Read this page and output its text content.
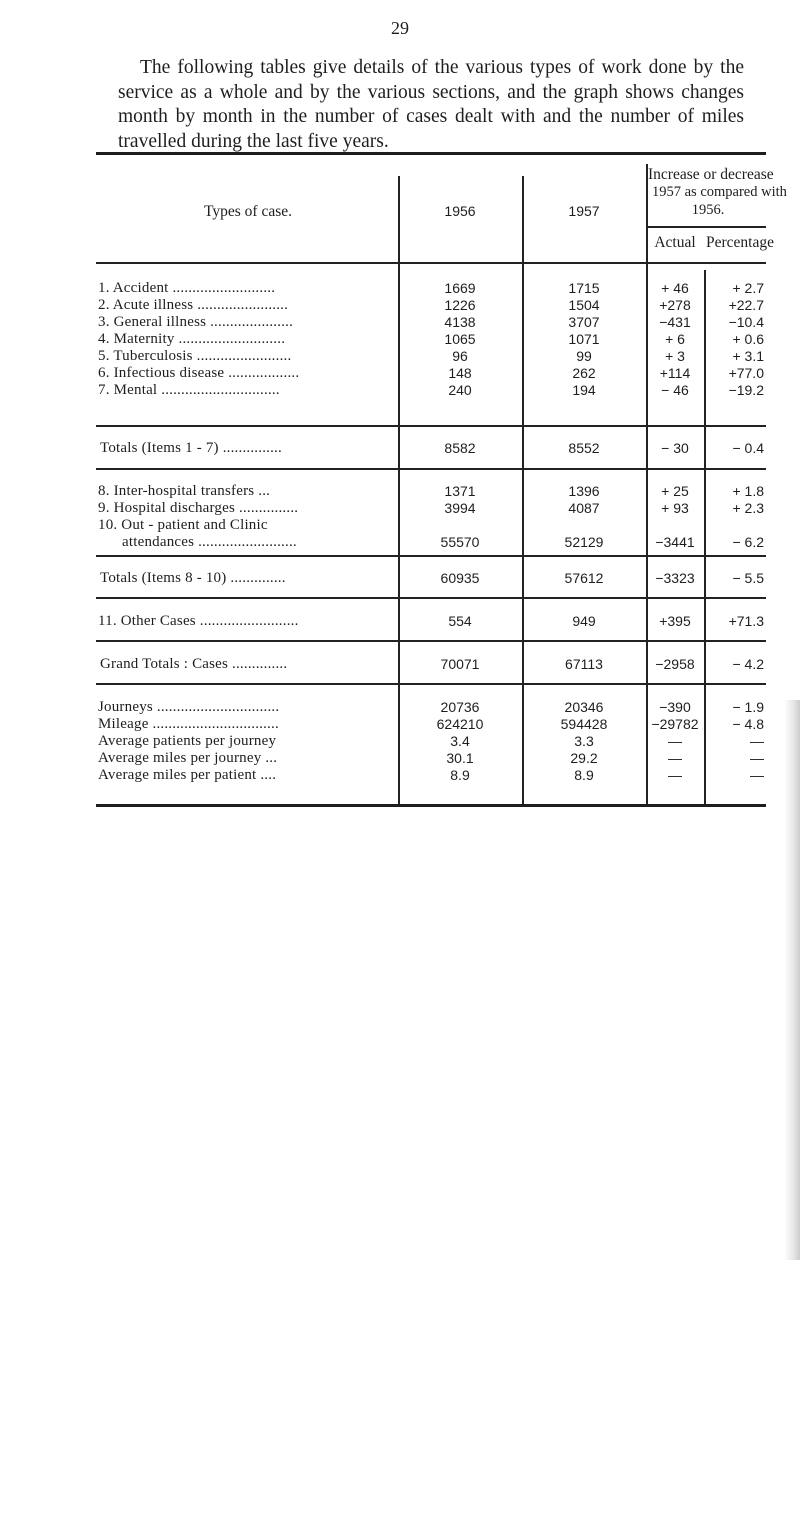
29

The following tables give details of the various types of work done by the service as a whole and by the various sections, and the graph shows changes month by month in the number of cases dealt with and the number of miles travelled during the last five years.

Types of case.	1956	1957
Increase or decrease
1957 as compared with
1956.
Actual Percentage
1. Accident ..........................	1669	1715	+ 46	+ 2.7
2. Acute illness .......................	1226	1504	+278	+22.7
3. General illness .....................	4138	3707	−431	−10.4
4. Maternity ...........................	1065	1071	+ 6	+ 0.6
5. Tuberculosis ........................	96	99	+ 3	+ 3.1
6. Infectious disease ..................	148	262	+114	+77.0
7. Mental ..............................	240	194	− 46	−19.2
Totals (Items 1 - 7) ...............	8582	8552	− 30	− 0.4
8. Inter-hospital transfers ...	1371	1396	+ 25	+ 1.8
9. Hospital discharges ...............	3994	4087	+ 93	+ 2.3
10. Out - patient and Clinic
attendances .........................	55570	52129	−3441	− 6.2
Totals (Items 8 - 10) ..............	60935	57612	−3323	− 5.5
11. Other Cases .........................	554	949	+395	+71.3
Grand Totals : Cases ..............	70071	67113	−2958	− 4.2
Journeys ...............................	20736	20346	−390	− 1.9
Mileage ................................	624210	594428	−29782	− 4.8
Average patients per journey	3.4	3.3	—	—
Average miles per journey ...	30.1	29.2	—	—
Average miles per patient ....	8.9	8.9	—	—
